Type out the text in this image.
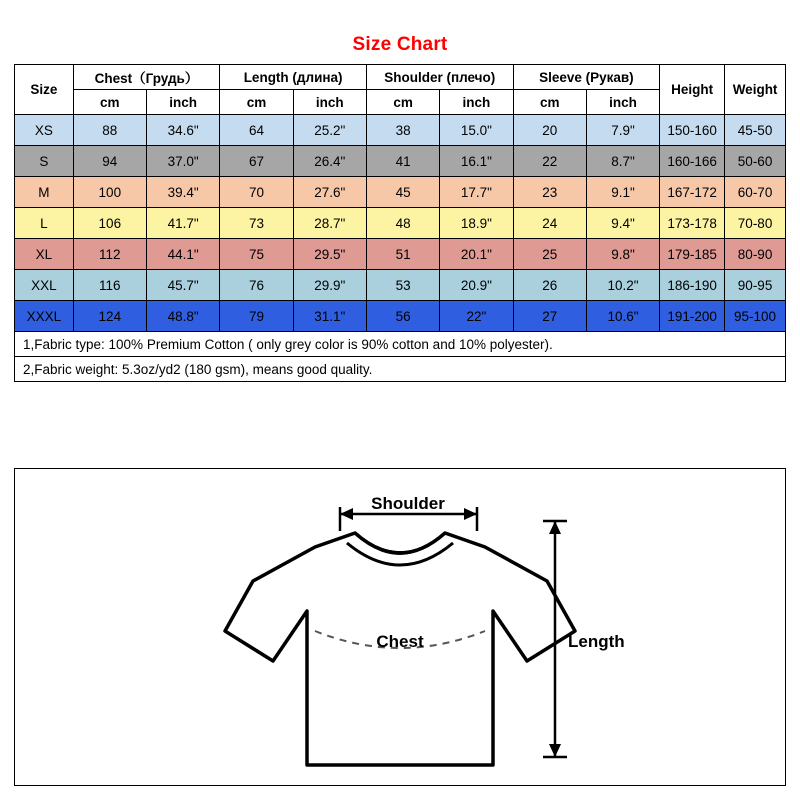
Size Chart
Size	Chest（Грудь）		Length (длина)		Shoulder (плечо)		Sleeve (Рукав)		Height	Weight
	cm	inch	cm	inch	cm	inch	cm	inch		
XS	88	34.6"	64	25.2"	38	15.0"	20	7.9"	150-160	45-50
S	94	37.0"	67	26.4"	41	16.1"	22	8.7"	160-166	50-60
M	100	39.4"	70	27.6"	45	17.7"	23	9.1"	167-172	60-70
L	106	41.7"	73	28.7"	48	18.9"	24	9.4"	173-178	70-80
XL	112	44.1"	75	29.5"	51	20.1"	25	9.8"	179-185	80-90
XXL	116	45.7"	76	29.9"	53	20.9"	26	10.2"	186-190	90-95
XXXL	124	48.8"	79	31.1"	56	22"	27	10.6"	191-200	95-100
1,Fabric type: 100% Premium Cotton ( only grey color is 90% cotton and 10% polyester).										
2,Fabric weight: 5.3oz/yd2 (180 gsm), means good quality.										
Chest
Shoulder
Length
